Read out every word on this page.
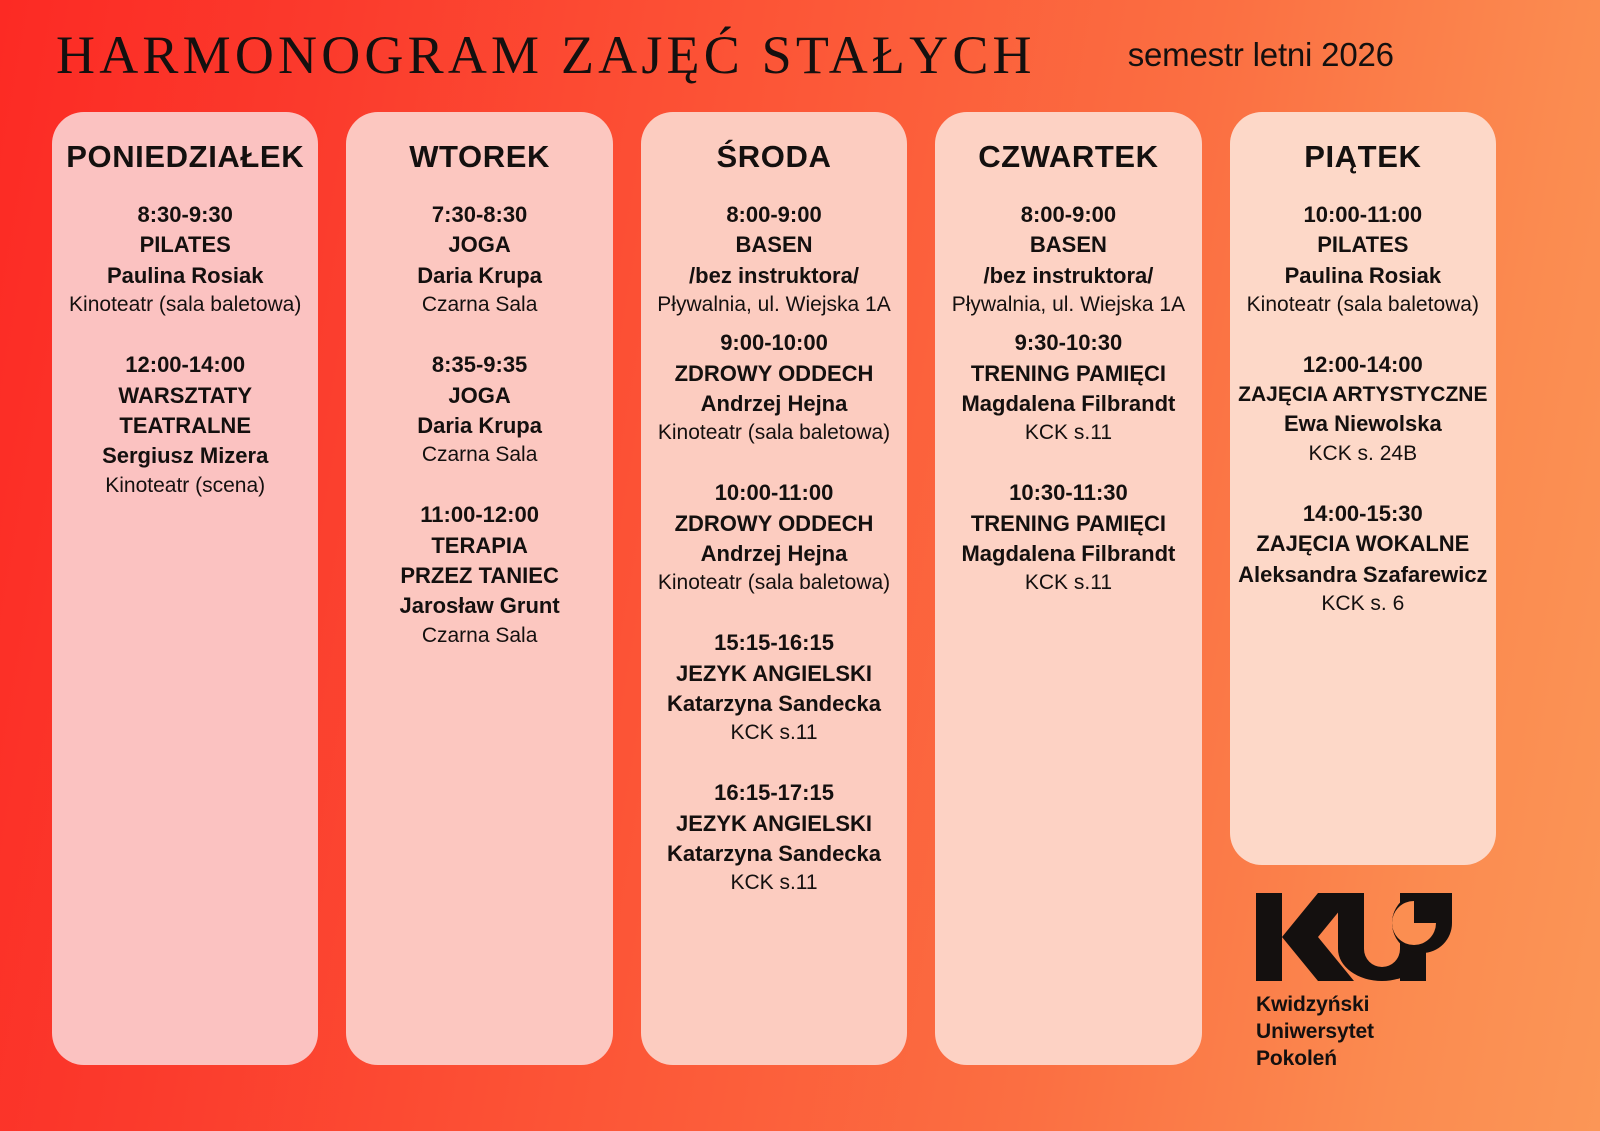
HARMONOGRAM ZAJĘĆ STAŁYCH	semestr letni 2026
PONIEDZIAŁEK
8:30-9:30
PILATES
Paulina Rosiak
Kinoteatr (sala baletowa)
12:00-14:00
WARSZTATY
TEATRALNE
Sergiusz Mizera
Kinoteatr (scena)
WTOREK
7:30-8:30
JOGA
Daria Krupa
Czarna Sala
8:35-9:35
JOGA
Daria Krupa
Czarna Sala
11:00-12:00
TERAPIA
PRZEZ TANIEC
Jarosław Grunt
Czarna Sala
ŚRODA
8:00-9:00
BASEN
/bez instruktora/
Pływalnia, ul. Wiejska 1A
9:00-10:00
ZDROWY ODDECH
Andrzej Hejna
Kinoteatr (sala baletowa)
10:00-11:00
ZDROWY ODDECH
Andrzej Hejna
Kinoteatr (sala baletowa)
15:15-16:15
JEZYK ANGIELSKI
Katarzyna Sandecka
KCK s.11
16:15-17:15
JEZYK ANGIELSKI
Katarzyna Sandecka
KCK s.11
CZWARTEK
8:00-9:00
BASEN
/bez instruktora/
Pływalnia, ul. Wiejska 1A
9:30-10:30
TRENING PAMIĘCI
Magdalena Filbrandt
KCK s.11
10:30-11:30
TRENING PAMIĘCI
Magdalena Filbrandt
KCK s.11
PIĄTEK
10:00-11:00
PILATES
Paulina Rosiak
Kinoteatr (sala baletowa)
12:00-14:00
ZAJĘCIA ARTYSTYCZNE
Ewa Niewolska
KCK s. 24B
14:00-15:30
ZAJĘCIA WOKALNE
Aleksandra Szafarewicz
KCK s. 6
Kwidzyński
Uniwersytet
Pokoleń
